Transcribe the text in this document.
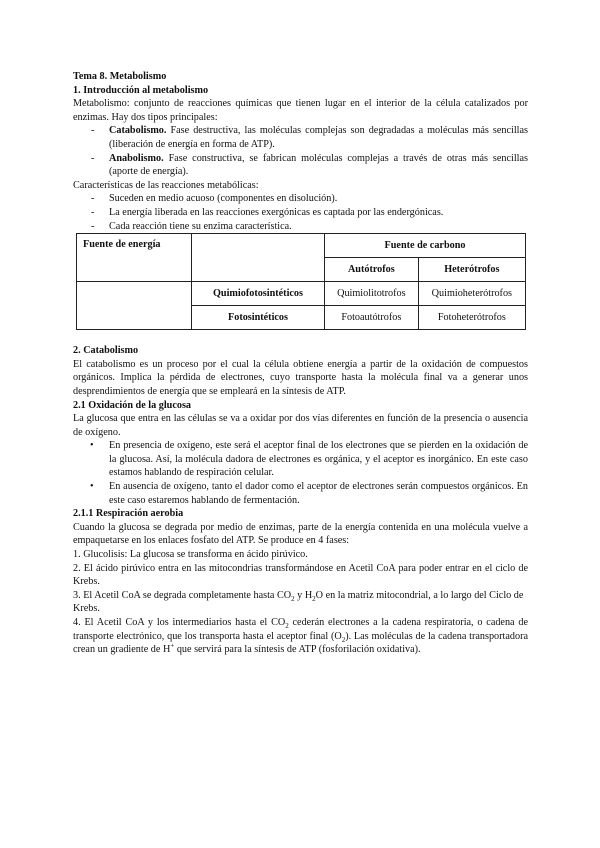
Tema 8. Metabolismo
1. Introducción al metabolismo
Metabolismo: conjunto de reacciones químicas que tienen lugar en el interior de la célula catalizados por enzimas. Hay dos tipos principales:
- Catabolismo. Fase destructiva, las moléculas complejas son degradadas a moléculas más sencillas (liberación de energía en forma de ATP).
- Anabolismo. Fase constructiva, se fabrican moléculas complejas a través de otras más sencillas (aporte de energía).
Características de las reacciones metabólicas:
- Suceden en medio acuoso (componentes en disolución).
- La energía liberada en las reacciones exergónicas es captada por las endergónicas.
- Cada reacción tiene su enzima característica.
Fuente de energía		Fuente de carbono	
		Autótrofos	Heterótrofos
	Quimiofotosintéticos	Quimiolitotrofos	Quimioheterótrofos
	Fotosintéticos	Fotoautótrofos	Fotoheterótrofos
2. Catabolismo
El catabolismo es un proceso por el cual la célula obtiene energía a partir de la oxidación de compuestos orgánicos. Implica la pérdida de electrones, cuyo transporte hasta la molécula final va a generar unos desprendimientos de energía que se empleará en la síntesis de ATP.
2.1 Oxidación de la glucosa
La glucosa que entra en las células se va a oxidar por dos vías diferentes en función de la presencia o ausencia de oxígeno.
• En presencia de oxígeno, este será el aceptor final de los electrones que se pierden en la oxidación de la glucosa. Así, la molécula dadora de electrones es orgánica, y el aceptor es inorgánico. En este caso estamos hablando de respiración celular.
• En ausencia de oxígeno, tanto el dador como el aceptor de electrones serán compuestos orgánicos. En este caso estaremos hablando de fermentación.
2.1.1 Respiración aerobia
Cuando la glucosa se degrada por medio de enzimas, parte de la energía contenida en una molécula vuelve a empaquetarse en los enlaces fosfato del ATP. Se produce en 4 fases:
1. Glucolisis: La glucosa se transforma en ácido pirúvico.
2. El ácido pirúvico entra en las mitocondrias transformándose en Acetil CoA para poder entrar en el ciclo de Krebs.
3. El Acetil CoA se degrada completamente hasta $CO_2$ y $H_2O$ en la matriz mitocondrial, a lo largo del Ciclo de Krebs.
4. El Acetil CoA y los intermediarios hasta el $CO_2$ cederán electrones a la cadena respiratoria, o cadena de transporte electrónico, que los transporta hasta el aceptor final $(O_2)$. Las moléculas de la cadena transportadora crean un gradiente de H+ que servirá para la síntesis de ATP (fosforilación oxidativa).
